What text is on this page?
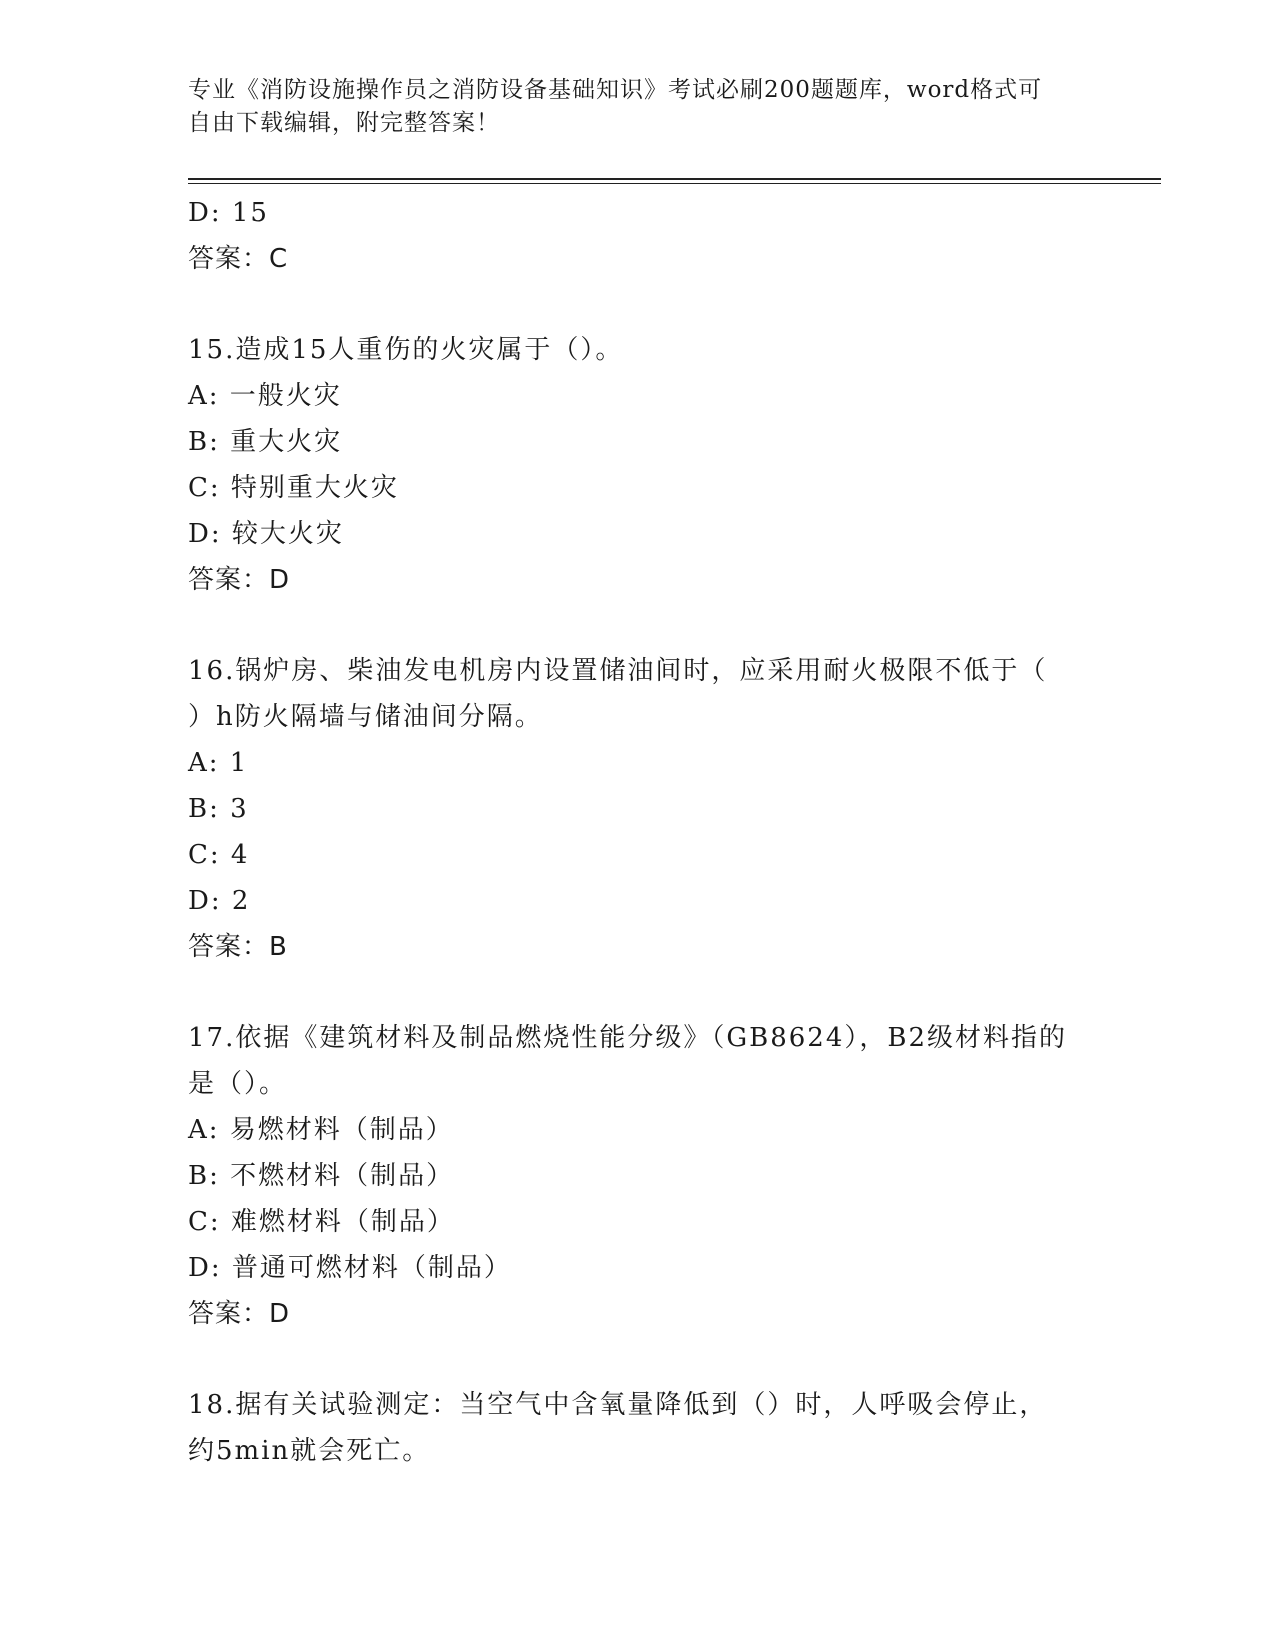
专业《消防设施操作员之消防设备基础知识》考试必刷200题题库，word格式可
自由下载编辑，附完整答案！
D: 15
答案：C
15.造成15人重伤的火灾属于（）。
A: 一般火灾
B: 重大火灾
C: 特别重大火灾
D: 较大火灾
答案：D
16.锅炉房、柴油发电机房内设置储油间时，应采用耐火极限不低于（
）h防火隔墙与储油间分隔。
A: 1
B: 3
C: 4
D: 2
答案：B
17.依据《建筑材料及制品燃烧性能分级》（GB8624），B2级材料指的
是（）。
A: 易燃材料（制品）
B: 不燃材料（制品）
C: 难燃材料（制品）
D: 普通可燃材料（制品）
答案：D
18.据有关试验测定：当空气中含氧量降低到（）时，人呼吸会停止，
约5min就会死亡。
